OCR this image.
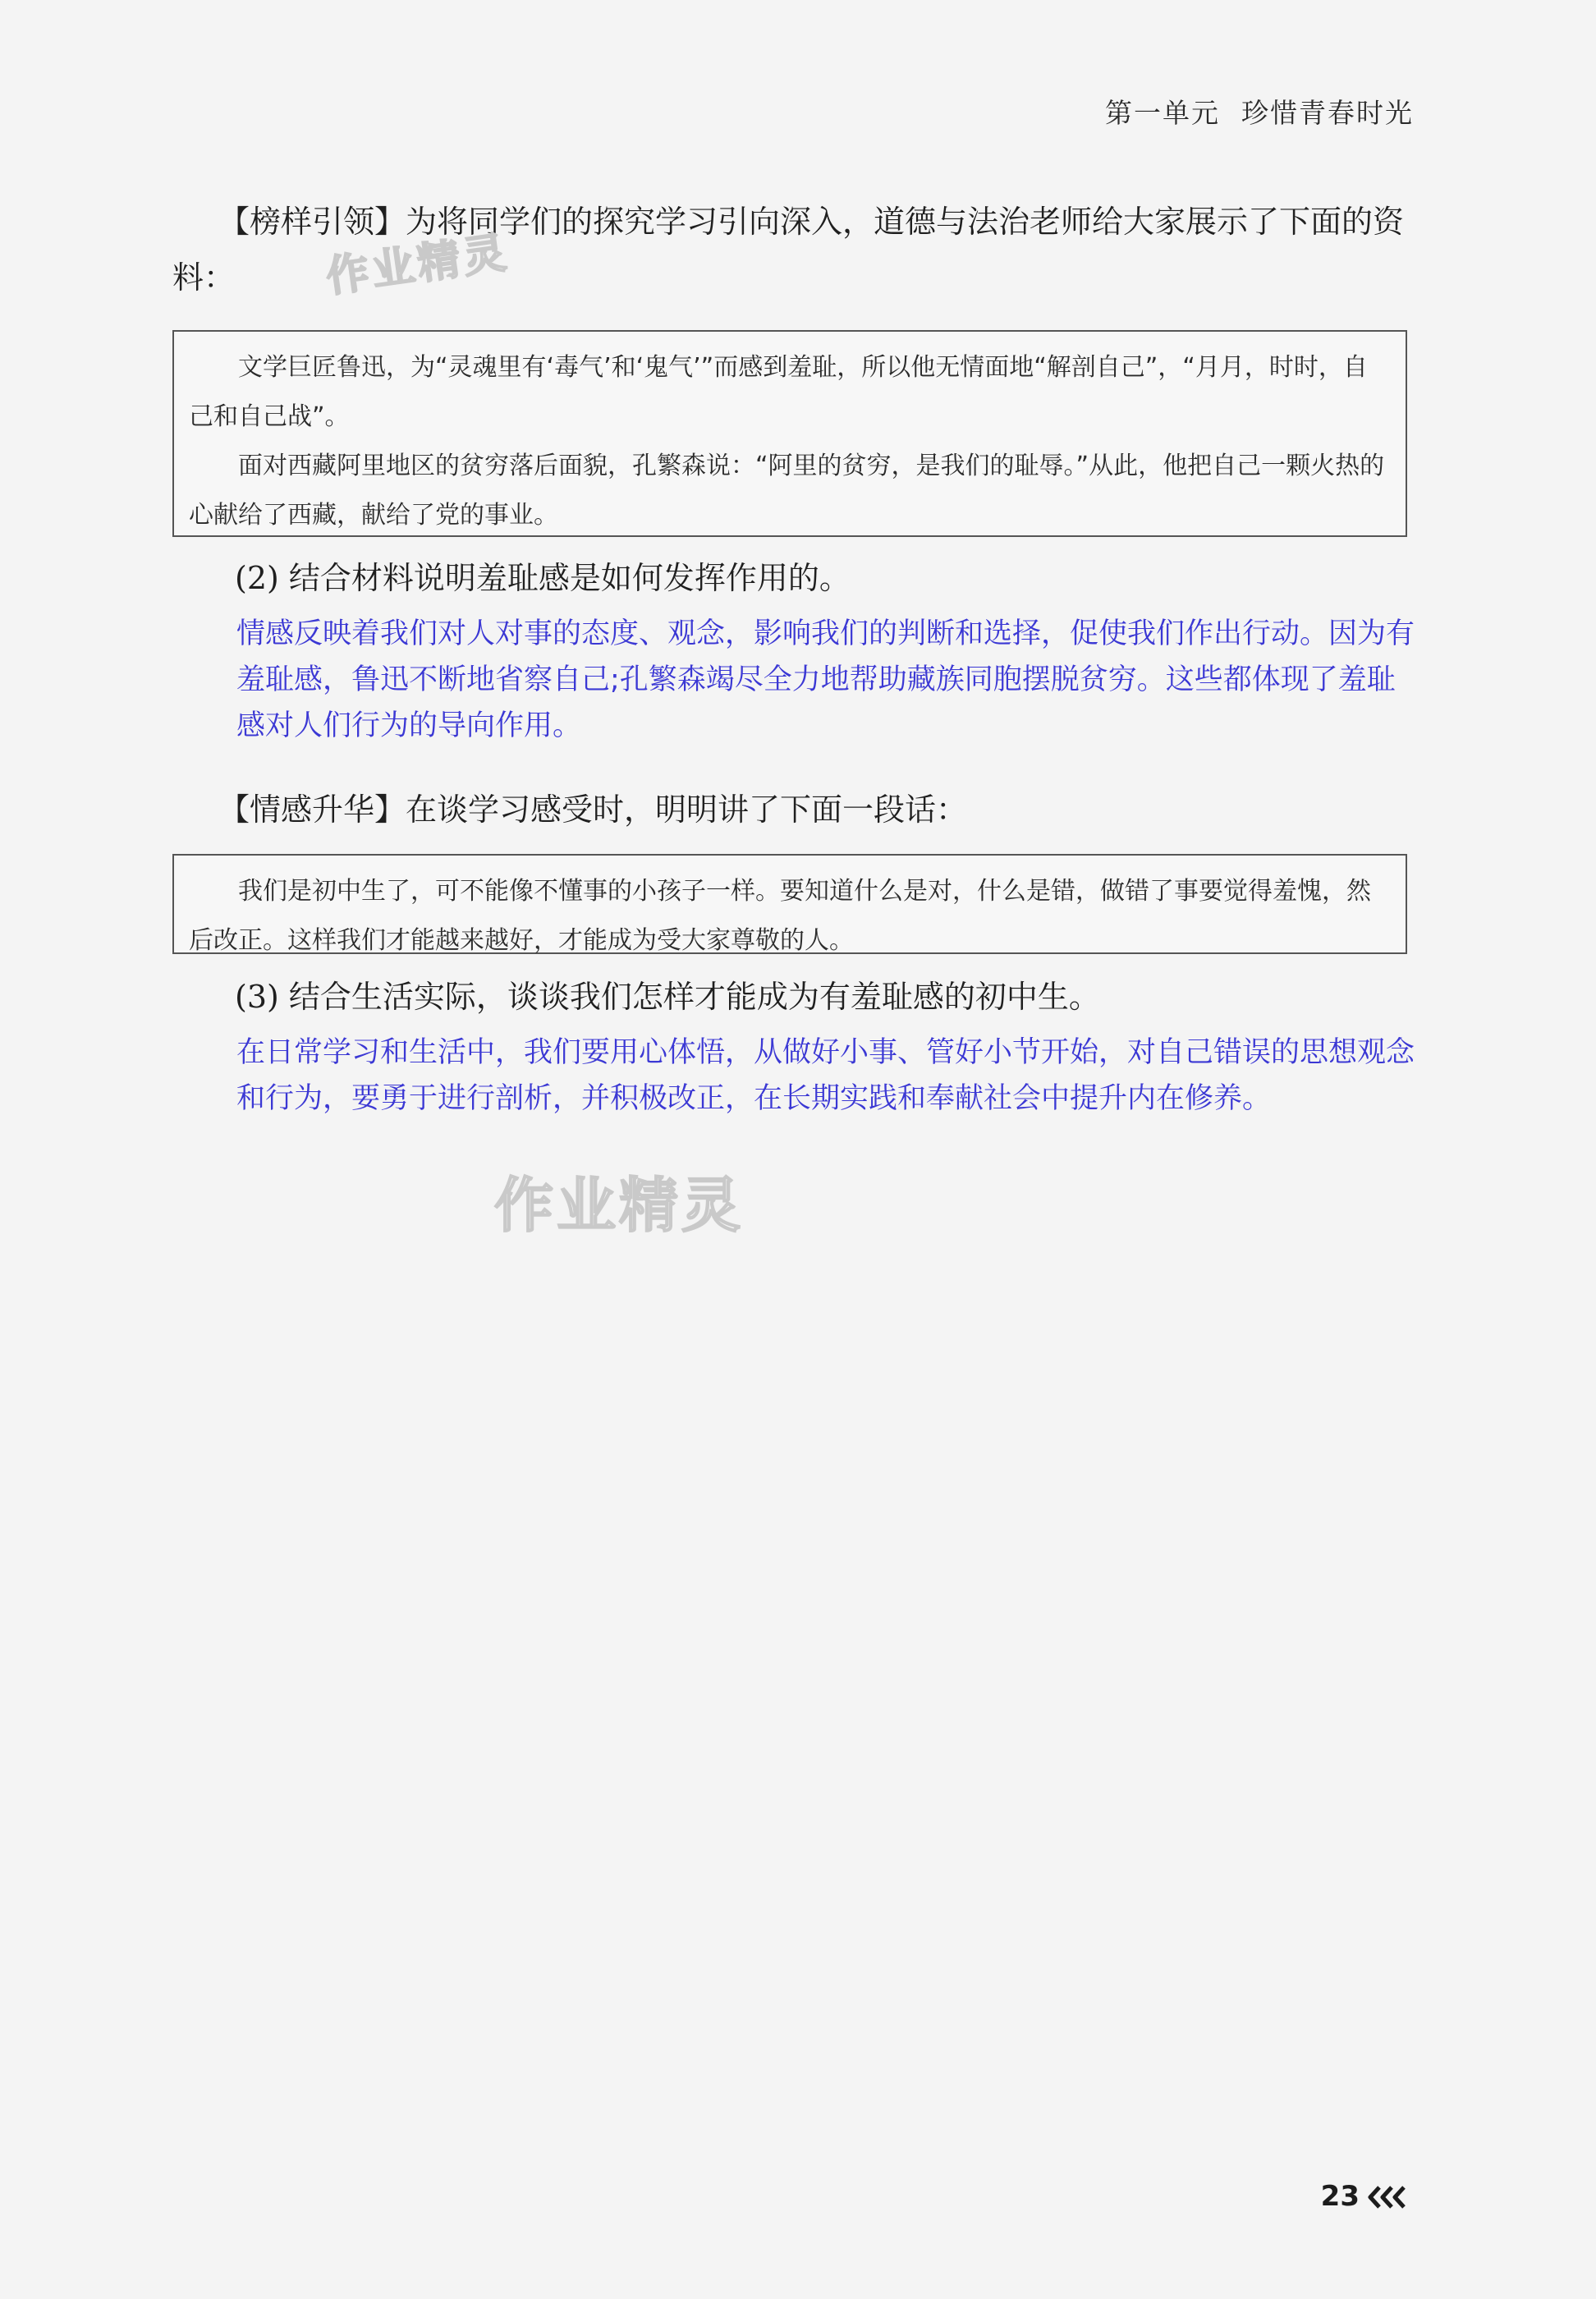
第一单元 珍惜青春时光
【榜样引领】为将同学们的探究学习引向深入，道德与法治老师给大家展示了下面的资料：	作业精灵

文学巨匠鲁迅，为“灵魂里有‘毒气’和‘鬼气’”而感到羞耻，所以他无情面地“解剖自己”，“月月，时时，自己和自己战”。

面对西藏阿里地区的贫穷落后面貌，孔繁森说：“阿里的贫穷，是我们的耻辱。”从此，他把自己一颗火热的心献给了西藏，献给了党的事业。

(2) 结合材料说明羞耻感是如何发挥作用的。
情感反映着我们对人对事的态度、观念，影响我们的判断和选择，促使我们作出行动。因为有羞耻感，鲁迅不断地省察自己;孔繁森竭尽全力地帮助藏族同胞摆脱贫穷。这些都体现了羞耻感对人们行为的导向作用。
【情感升华】在谈学习感受时，明明讲了下面一段话：

我们是初中生了，可不能像不懂事的小孩子一样。要知道什么是对，什么是错，做错了事要觉得羞愧，然后改正。这样我们才能越来越好，才能成为受大家尊敬的人。

(3) 结合生活实际，谈谈我们怎样才能成为有羞耻感的初中生。
在日常学习和生活中，我们要用心体悟，从做好小事、管好小节开始，对自己错误的思想观念和行为，要勇于进行剖析，并积极改正，在长期实践和奉献社会中提升内在修养。
作业精灵
23
